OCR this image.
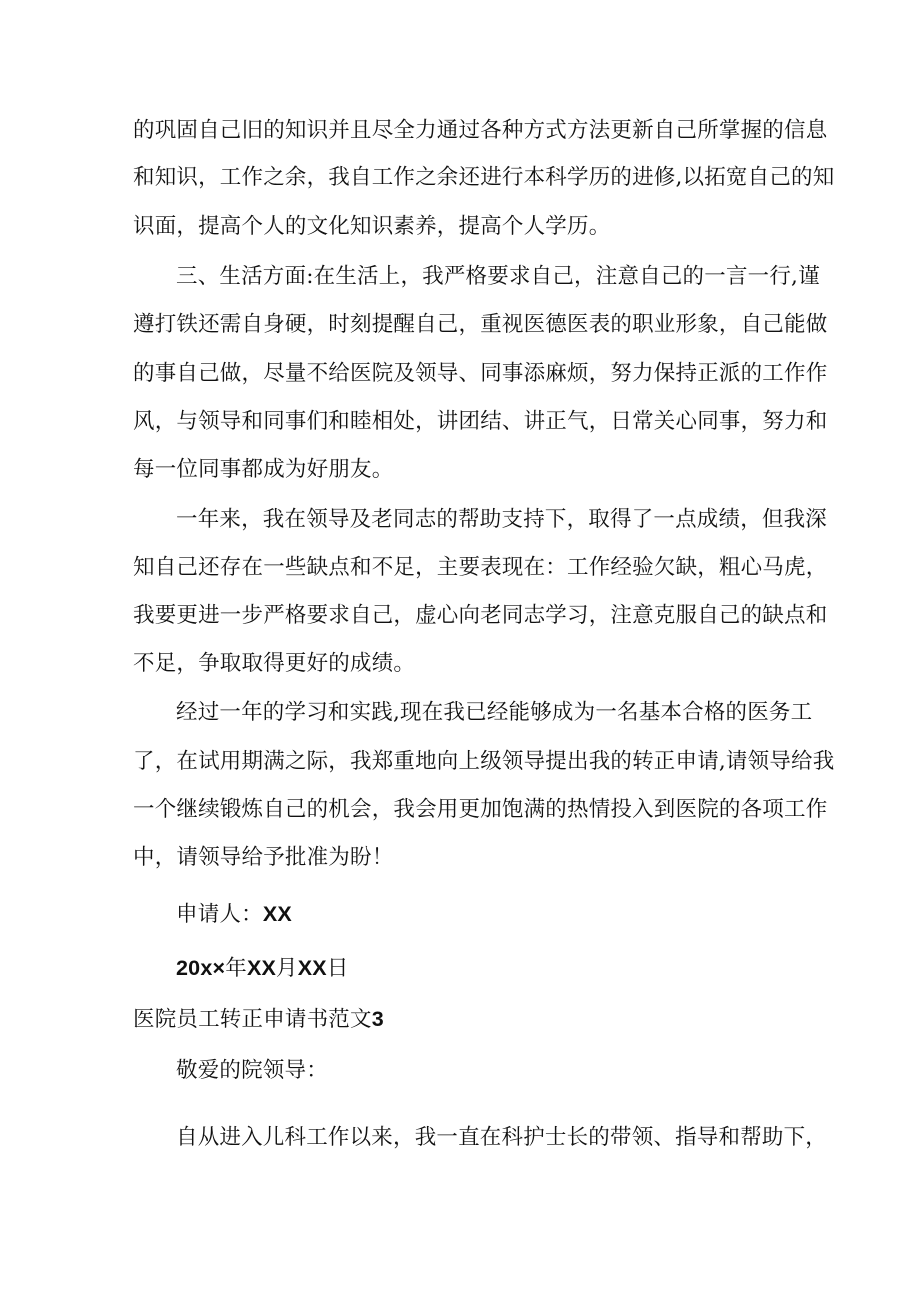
的巩固自己旧的知识并且尽全力通过各种方式方法更新自己所掌握的信息
和知识，工作之余，我自工作之余还进行本科学历的进修,以拓宽自己的知
识面，提高个人的文化知识素养，提高个人学历。
三、生活方面:在生活上，我严格要求自己，注意自己的一言一行,谨
遵打铁还需自身硬，时刻提醒自己，重视医德医表的职业形象，自己能做
的事自己做，尽量不给医院及领导、同事添麻烦，努力保持正派的工作作
风，与领导和同事们和睦相处，讲团结、讲正气，日常关心同事，努力和
每一位同事都成为好朋友。
一年来，我在领导及老同志的帮助支持下，取得了一点成绩，但我深
知自己还存在一些缺点和不足，主要表现在：工作经验欠缺，粗心马虎，
我要更进一步严格要求自己，虚心向老同志学习，注意克服自己的缺点和
不足，争取取得更好的成绩。
经过一年的学习和实践,现在我已经能够成为一名基本合格的医务工
了，在试用期满之际，我郑重地向上级领导提出我的转正申请,请领导给我
一个继续锻炼自己的机会，我会用更加饱满的热情投入到医院的各项工作
中，请领导给予批准为盼！
申请人：XX
20x×年XX月XX日
医院员工转正申请书范文3
敬爱的院领导：
自从进入儿科工作以来，我一直在科护士长的带领、指导和帮助下，
